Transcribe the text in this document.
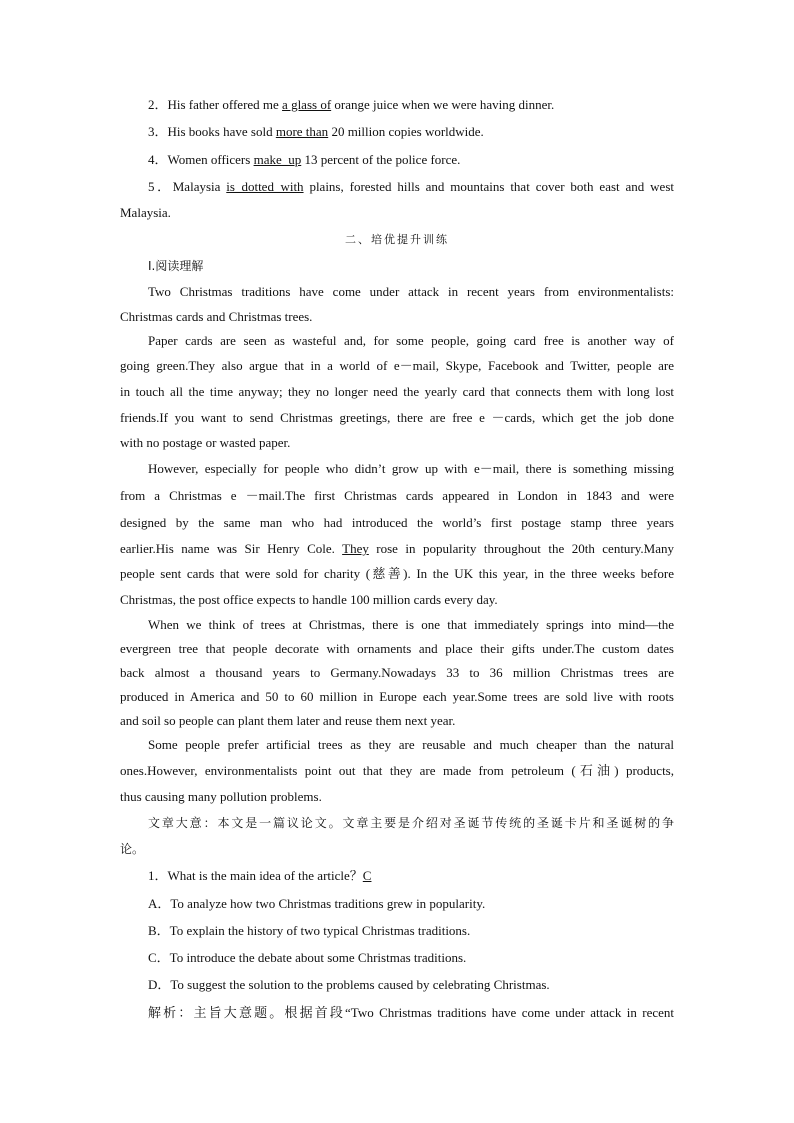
2．His father offered me a glass of orange juice when we were having dinner.
3．His books have sold more than 20 million copies worldwide.
4．Women officers make_up 13 percent of the police force.
5．Malaysia is_dotted_with plains, forested hills and mountains that cover both east and west
Malaysia.
二、培优提升训练
Ⅰ.阅读理解
Two Christmas traditions have come under attack in recent years from environmentalists:
Christmas cards and Christmas trees.
Paper cards are seen as wasteful and, for some people, going card free is another way of
going green.They also argue that in a world of e－mail, Skype, Facebook and Twitter, people are
in touch all the time anyway; they no longer need the yearly card that connects them with long lost
friends.If you want to send Christmas greetings, there are free e －cards, which get the job done
with no postage or wasted paper.
However, especially for people who didn’t grow up with e－mail, there is something missing
from a Christmas e －mail.The first Christmas cards appeared in London in 1843 and were
designed by the same man who had introduced the world’s first postage stamp three years
earlier.His name was Sir Henry Cole. They rose in popularity throughout the 20th century.Many
people sent cards that were sold for charity (慈善). In the UK this year, in the three weeks before
Christmas, the post office expects to handle 100 million cards every day.
When we think of trees at Christmas, there is one that immediately springs into mind—the
evergreen tree that people decorate with ornaments and place their gifts under.The custom dates
back almost a thousand years to Germany.Nowadays 33 to 36 million Christmas trees are
produced in America and 50 to 60 million in Europe each year.Some trees are sold live with roots
and soil so people can plant them later and reuse them next year.
Some people prefer artificial trees as they are reusable and much cheaper than the natural
ones.However, environmentalists point out that they are made from petroleum (石油) products,
thus causing many pollution problems.
文章大意：本文是一篇议论文。文章主要是介绍对圣诞节传统的圣诞卡片和圣诞树的争
论。
1．What is the main idea of the article？C
A．To analyze how two Christmas traditions grew in popularity.
B．To explain the history of two typical Christmas traditions.
C．To introduce the debate about some Christmas traditions.
D．To suggest the solution to the problems caused by celebrating Christmas.
解析：主旨大意题。根据首段“Two Christmas traditions have come under attack in recent
